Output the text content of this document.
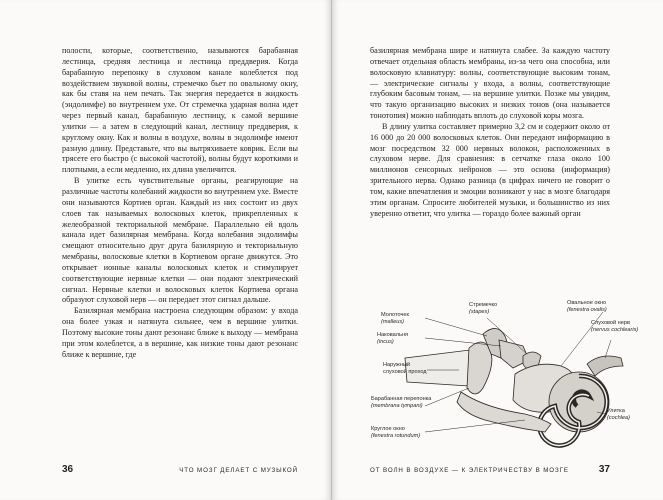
полости, которые, соответственно, называются барабанная лестница, средняя лестница и лестница преддверия. Когда барабанную перепонку в слуховом канале колеблется под воздействием звуковой волны, стремечко бьет по овальному окну, как бы ставя на нем печать. Так энергия передается в жидкость (эндолимфе) во внутреннем ухе. От стремечка ударная волна идет через первый канал, барабанную лестницу, к самой вершине улитки — а затем в следующий канал, лестницу преддверия, к круглому окну. Как и волны в воздухе, волны в эндолимфе имеют разную длину. Представьте, что вы вытряхиваете коврик. Если вы трясете его быстро (с высокой частотой), волны будут короткими и плотными, а если медленно, их длина увеличится.

В улитке есть чувствительные органы, реагирующие на различные частоты колебаний жидкости во внутреннем ухе. Вместе они называются Кортиев орган. Каждый из них состоит из двух слоев так называемых волосковых клеток, прикрепленных к желеобразной текториальной мембране. Параллельно ей вдоль канала идет базилярная мембрана. Когда колебания эндолимфы смещают относительно друг друга базилярную и текториальную мембраны, волосковые клетки в Кортиевом органе движутся. Это открывает ионные каналы волосковых клеток и стимулирует соответствующие нервные клетки — они подают электрический сигнал. Нервные клетки и волосковых клеток Кортиева органа образуют слуховой нерв — он передает этот сигнал дальше.

Базилярная мембрана настроена следующим образом: у входа она более узкая и натянута сильнее, чем в вершине улитки. Поэтому высокие тоны дают резонанс ближе к выходу — мембрана при этом колеблется, а в вершине, как низкие тоны дают резонанс ближе к вершине, где

36	ЧТО МОЗГ ДЕЛАЕТ С МУЗЫКОЙ

базилярная мембрана шире и натянута слабее. За каждую частоту отвечает отдельная область мембраны, из-за чего она способна, или волосковую клавиатуру: волны, соответствующие высоким тонам, — электрические сигналы у входа, а волны, соответствующие глубоким басовым тонам, — на вершине улитки. Позже мы увидим, что такую организацию высоких и низких тонов (она называется тонотопия) можно наблюдать вплоть до слуховой коры мозга.

В длину улитка составляет примерно 3,2 см и содержит около от 16 000 до 20 000 волосковых клеток. Они передают информацию в мозг посредством 32 000 нервных волокон, расположенных в слуховом нерве. Для сравнения: в сетчатке глаза около 100 миллионов сенсорных нейронов — это основа (информация) зрительного нерва. Однако разница (в цифрах ничего не говорит о том, какие впечатления и эмоции возникают у нас в мозге благодаря этим органам. Спросите любителей музыки, и большинство из них уверенно ответит, что улитка — гораздо более важный орган

Молоточек
(malleus)
Наковальня
(incus)
Стремечко
(stapes)
Овальное окно
(fenestra ovalis)
Наружный слуховой проход
Слуховой нерв
(nervus cochlearis)
Барабанная перепонка
(membrana tympani)
Круглое окно
(fenestra rotundum)
Улитка
(cochlea)
ОТ ВОЛН В ВОЗДУХЕ — К ЭЛЕКТРИЧЕСТВУ В МОЗГЕ	37
